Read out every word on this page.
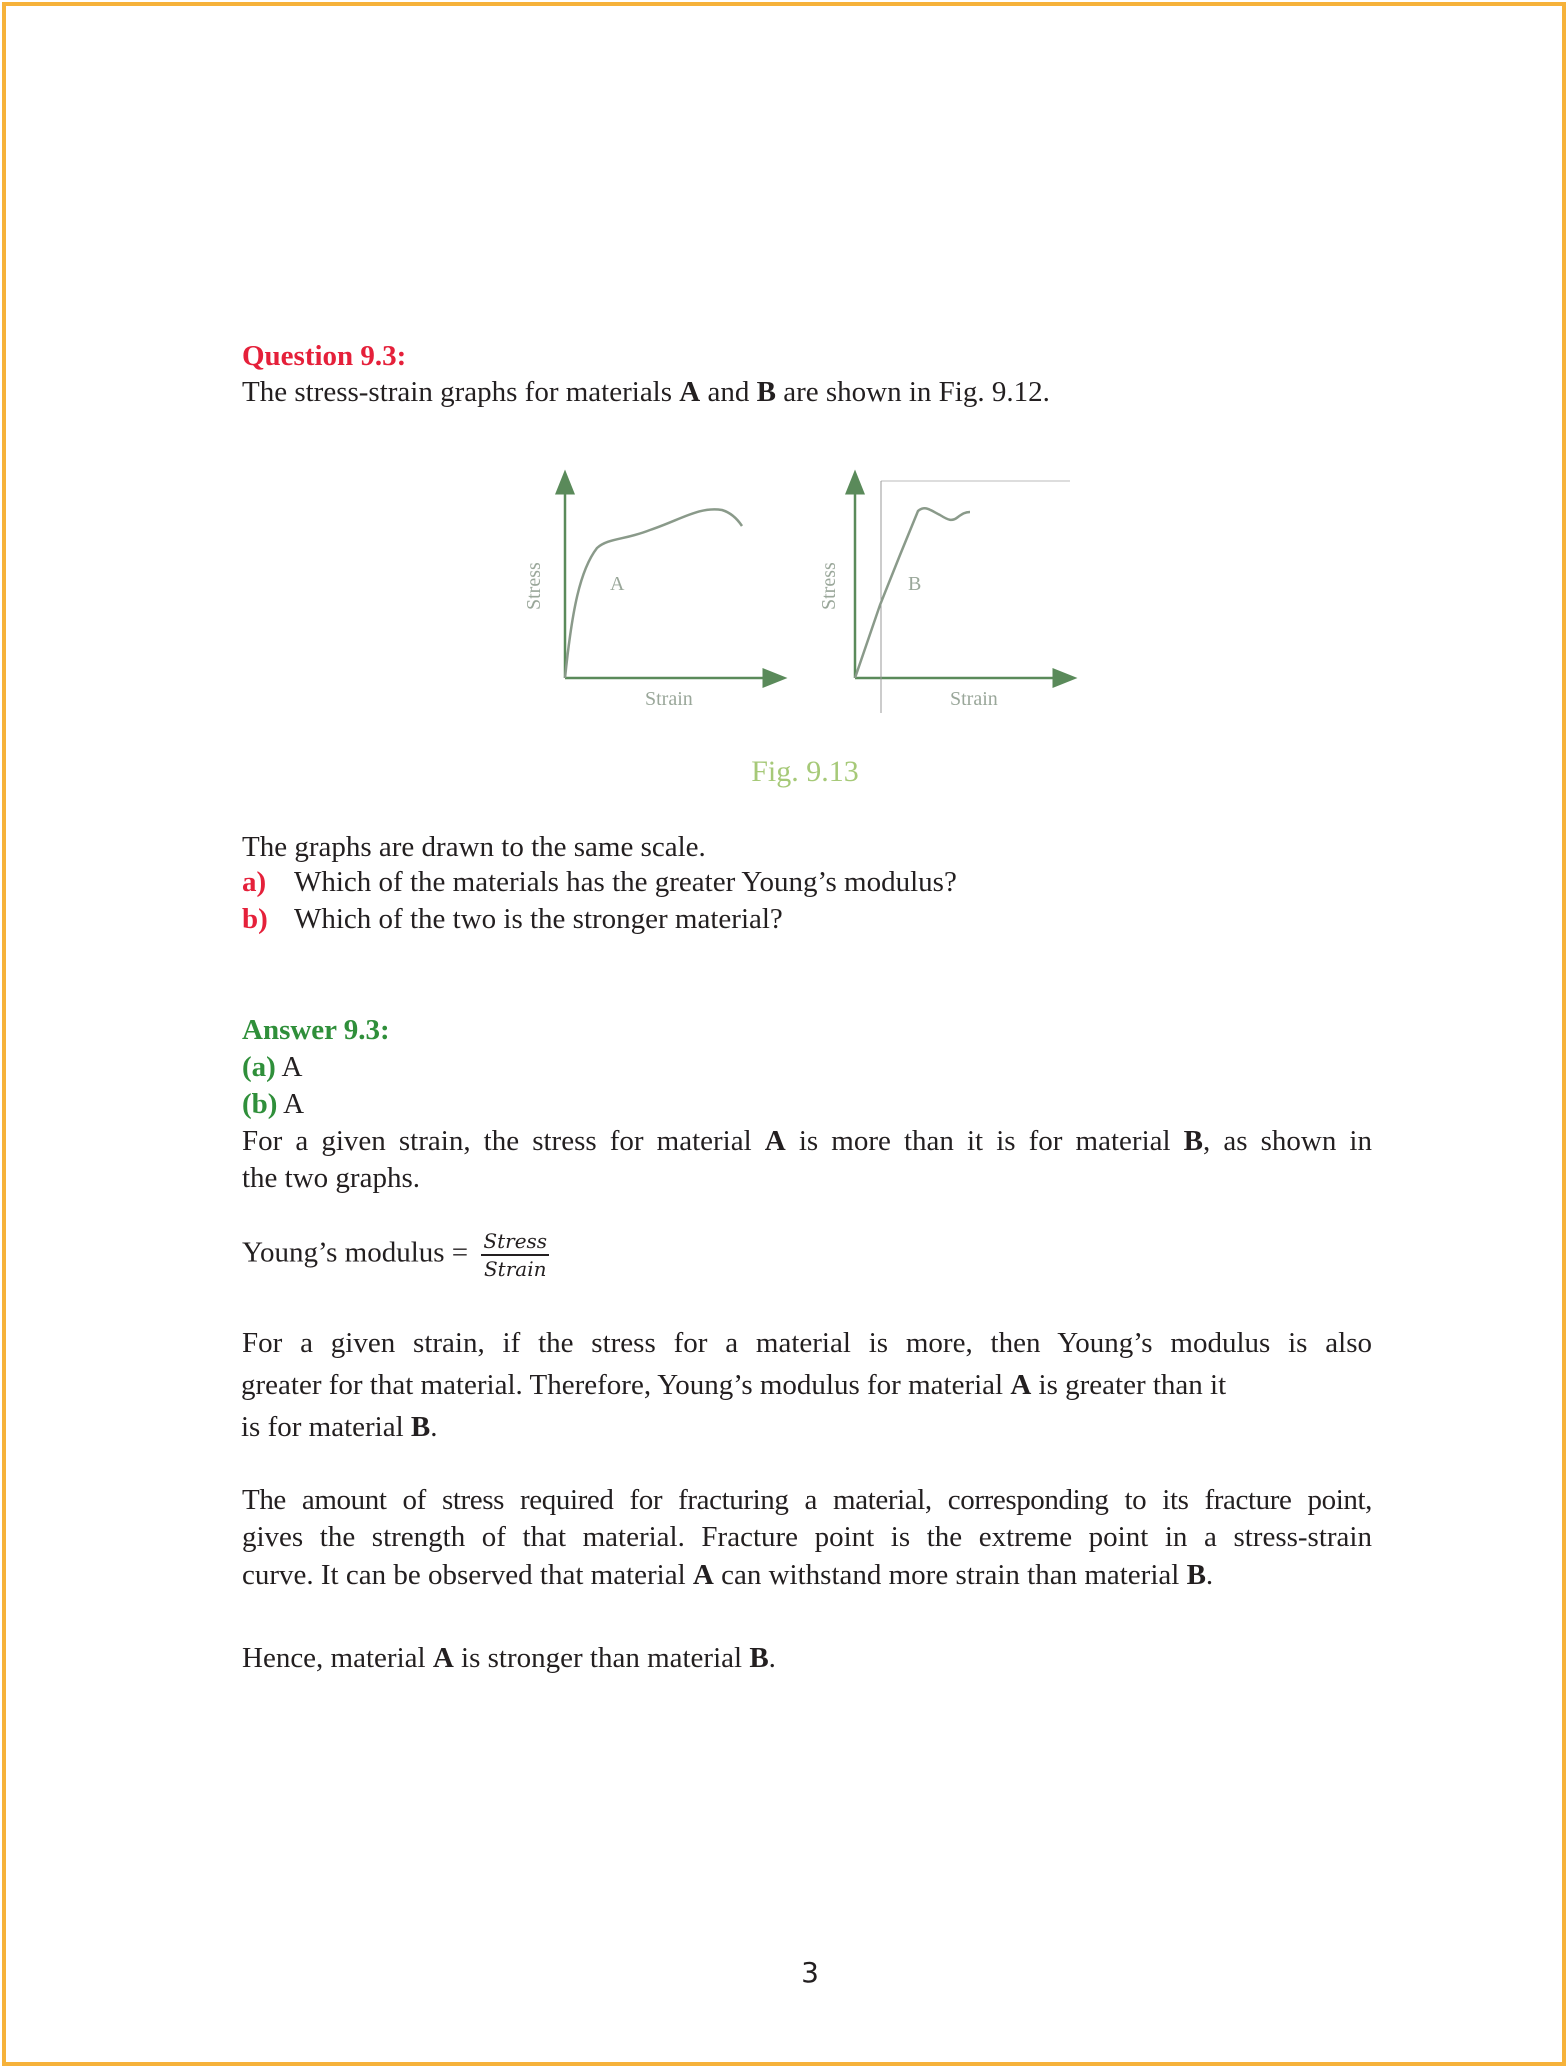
Question 9.3:
The stress-strain graphs for materials A and B are shown in Fig. 9.12.
A
Stress
Strain
B
Stress
Strain
Fig. 9.13
The graphs are drawn to the same scale.
a) Which of the materials has the greater Young’s modulus?
b) Which of the two is the stronger material?
Answer 9.3:
(a) A
(b) A
For a given strain, the stress for material A is more than it is for material B, as shown in
the two graphs.
Young’s modulus = $\frac{\text{Stress}}{\text{Strain}}$
For a given strain, if the stress for a material is more, then Young’s modulus is also
greater for that material. Therefore, Young’s modulus for material A is greater than it
is for material B.
The amount of stress required for fracturing a material, corresponding to its fracture point,
gives the strength of that material. Fracture point is the extreme point in a stress-strain
curve. It can be observed that material A can withstand more strain than material B.
Hence, material A is stronger than material B.
3
